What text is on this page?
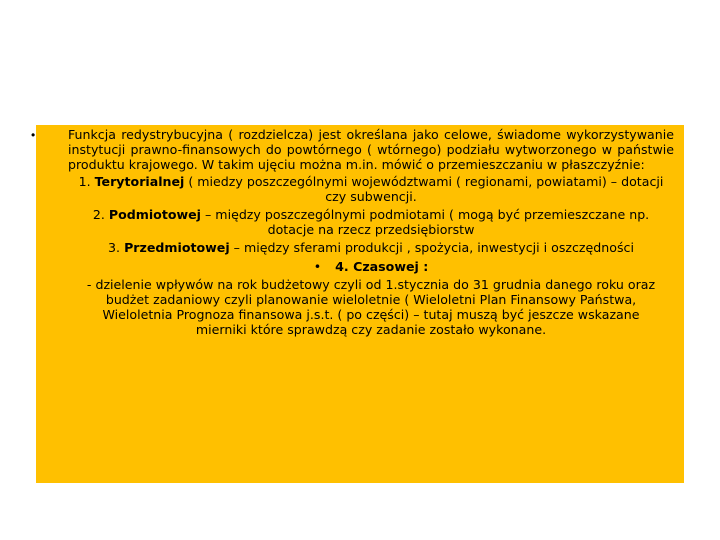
•	Funkcja redystrybucyjna ( rozdzielcza) jest określana jako celowe, świadome wykorzystywanie instytucji prawno-finansowych do powtórnego ( wtórnego) podziału wytworzonego w państwie produktu krajowego. W takim ujęciu można m.in. mówić o przemieszczaniu w płaszczyźnie:
1. Terytorialnej ( miedzy poszczególnymi województwami ( regionami, powiatami) – dotacji czy subwencji.
2. Podmiotowej – między poszczególnymi podmiotami ( mogą być przemieszczane np. dotacje na rzecz przedsiębiorstw
3. Przedmiotowej – między sferami produkcji , spożycia, inwestycji i oszczędności
• 4. Czasowej :
- dzielenie wpływów na rok budżetowy czyli od 1.stycznia do 31 grudnia danego roku oraz budżet zadaniowy czyli planowanie wieloletnie ( Wieloletni Plan Finansowy Państwa, Wieloletnia Prognoza finansowa j.s.t. ( po części) – tutaj muszą być jeszcze wskazane mierniki które sprawdzą czy zadanie zostało wykonane.
